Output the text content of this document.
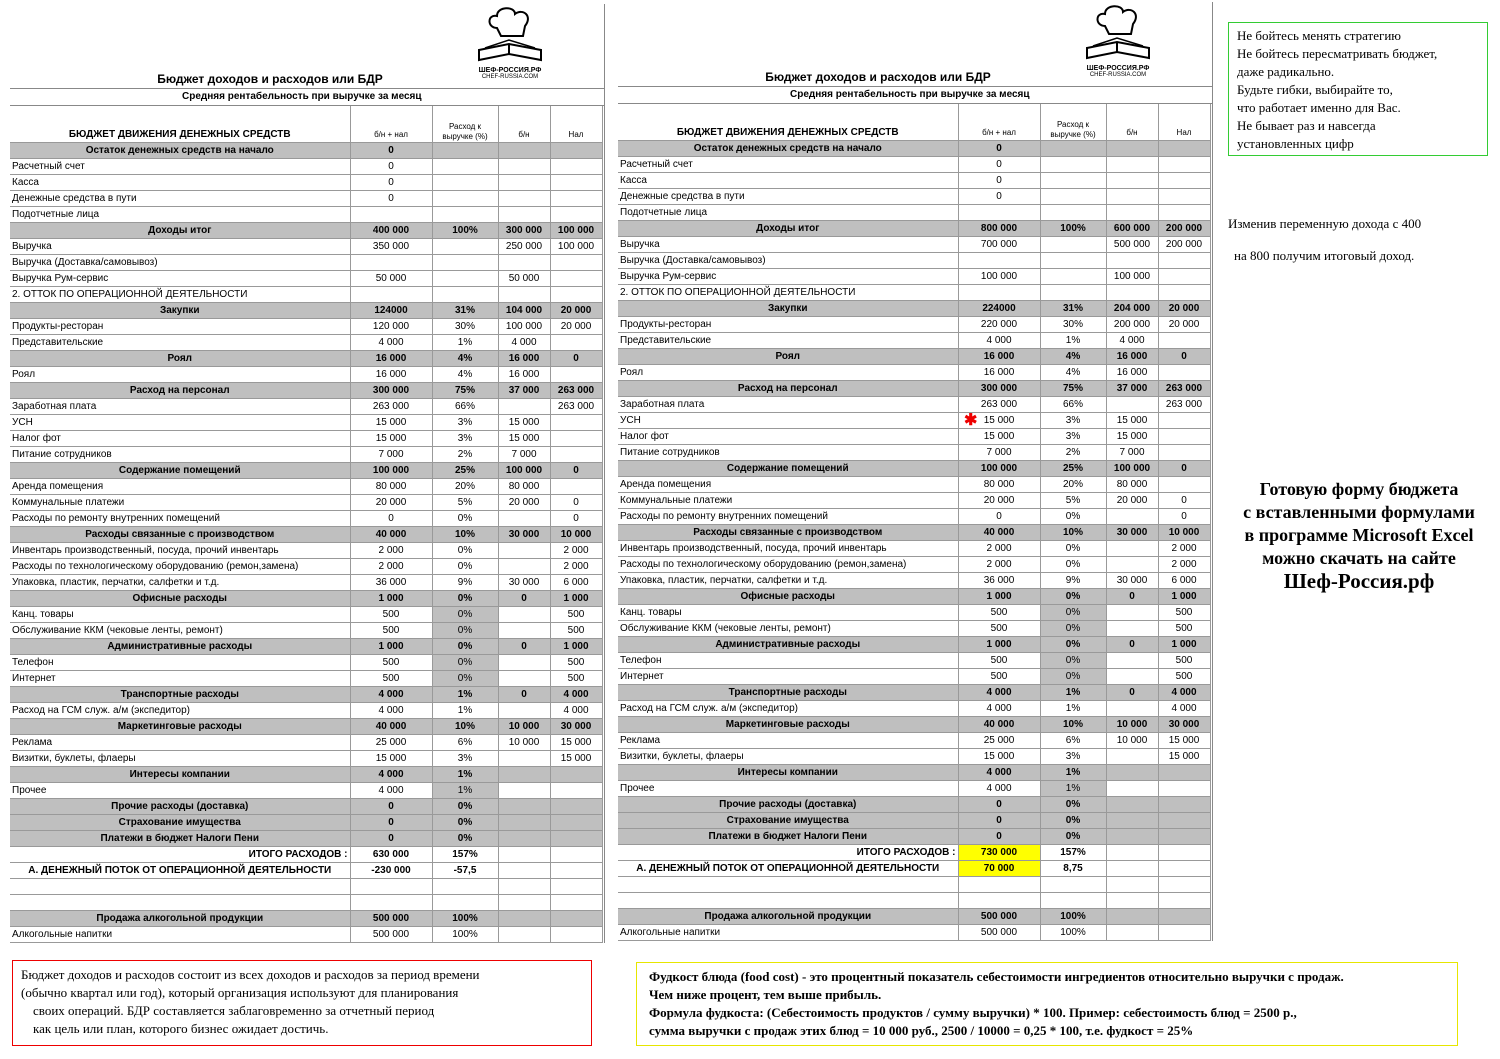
ШЕФ-РОССИЯ.РФ
CHEF-RUSSIA.COM
Бюджет доходов и расходов или БДР
Средняя рентабельность при выручке за месяц
БЮДЖЕТ ДВИЖЕНИЯ ДЕНЕЖНЫХ СРЕДСТВ	б/н + нал	Расход к выручке (%)	б/н	Нал
Остаток денежных средств на начало	0			
Расчетный счет	0			
Касса	0			
Денежные средства в пути	0			
Подотчетные лица				
Доходы итог	400 000	100%	300 000	100 000
Выручка	350 000		250 000	100 000
Выручка (Доставка/самовывоз)				
Выручка Рум-сервис	50 000		50 000	
2. ОТТОК ПО ОПЕРАЦИОННОЙ ДЕЯТЕЛЬНОСТИ				
Закупки	124000	31%	104 000	20 000
Продукты-ресторан	120 000	30%	100 000	20 000
Представительские	4 000	1%	4 000	
Роял	16 000	4%	16 000	0
Роял	16 000	4%	16 000	
Расход на персонал	300 000	75%	37 000	263 000
Заработная плата	263 000	66%		263 000
УСН	15 000	3%	15 000	
Налог фот	15 000	3%	15 000	
Питание сотрудников	7 000	2%	7 000	
Содержание помещений	100 000	25%	100 000	0
Аренда помещения	80 000	20%	80 000	
Коммунальные платежи	20 000	5%	20 000	0
Расходы по ремонту внутренних помещений	0	0%		0
Расходы связанные с производством	40 000	10%	30 000	10 000
Инвентарь производственный, посуда, прочий инвентарь	2 000	0%		2 000
Расходы по технологическому оборудованию (ремон,замена)	2 000	0%		2 000
Упаковка, пластик, перчатки, салфетки и т.д.	36 000	9%	30 000	6 000
Офисные расходы	1 000	0%	0	1 000
Канц. товары	500	0%		500
Обслуживание ККМ (чековые ленты, ремонт)	500	0%		500
Административные расходы	1 000	0%	0	1 000
Телефон	500	0%		500
Интернет	500	0%		500
Транспортные расходы	4 000	1%	0	4 000
Расход на ГСМ служ. а/м (экспедитор)	4 000	1%		4 000
Маркетинговые расходы	40 000	10%	10 000	30 000
Реклама	25 000	6%	10 000	15 000
Визитки, буклеты, флаеры	15 000	3%		15 000
Интересы компании	4 000	1%		
Прочее	4 000	1%		
Прочие расходы (доставка)	0	0%		
Страхование имущества	0	0%		
Платежи в бюджет Налоги Пени	0	0%		
ИТОГО РАСХОДОВ :	630 000	157%		
А. ДЕНЕЖНЫЙ ПОТОК ОТ ОПЕРАЦИОННОЙ ДЕЯТЕЛЬНОСТИ	-230 000	-57,5		

Продажа алкогольной продукции	500 000	100%		
Алкогольные напитки	500 000	100%		
ШЕФ-РОССИЯ.РФ
CHEF-RUSSIA.COM
Бюджет доходов и расходов или БДР
Средняя рентабельность при выручке за месяц
БЮДЖЕТ ДВИЖЕНИЯ ДЕНЕЖНЫХ СРЕДСТВ	б/н + нал	Расход к выручке (%)	б/н	Нал
Остаток денежных средств на начало	0			
Расчетный счет	0			
Касса	0			
Денежные средства в пути	0			
Подотчетные лица				
Доходы итог	800 000	100%	600 000	200 000
Выручка	700 000		500 000	200 000
Выручка (Доставка/самовывоз)				
Выручка Рум-сервис	100 000		100 000	
2. ОТТОК ПО ОПЕРАЦИОННОЙ ДЕЯТЕЛЬНОСТИ				
Закупки	224000	31%	204 000	20 000
Продукты-ресторан	220 000	30%	200 000	20 000
Представительские	4 000	1%	4 000	
Роял	16 000	4%	16 000	0
Роял	16 000	4%	16 000	
Расход на персонал	300 000	75%	37 000	263 000
Заработная плата	263 000	66%		263 000
УСН	15 000	3%	15 000	
Налог фот	15 000	3%	15 000	
Питание сотрудников	7 000	2%	7 000	
Содержание помещений	100 000	25%	100 000	0
Аренда помещения	80 000	20%	80 000	
Коммунальные платежи	20 000	5%	20 000	0
Расходы по ремонту внутренних помещений	0	0%		0
Расходы связанные с производством	40 000	10%	30 000	10 000
Инвентарь производственный, посуда, прочий инвентарь	2 000	0%		2 000
Расходы по технологическому оборудованию (ремон,замена)	2 000	0%		2 000
Упаковка, пластик, перчатки, салфетки и т.д.	36 000	9%	30 000	6 000
Офисные расходы	1 000	0%	0	1 000
Канц. товары	500	0%		500
Обслуживание ККМ (чековые ленты, ремонт)	500	0%		500
Административные расходы	1 000	0%	0	1 000
Телефон	500	0%		500
Интернет	500	0%		500
Транспортные расходы	4 000	1%	0	4 000
Расход на ГСМ служ. а/м (экспедитор)	4 000	1%		4 000
Маркетинговые расходы	40 000	10%	10 000	30 000
Реклама	25 000	6%	10 000	15 000
Визитки, буклеты, флаеры	15 000	3%		15 000
Интересы компании	4 000	1%		
Прочее	4 000	1%		
Прочие расходы (доставка)	0	0%		
Страхование имущества	0	0%		
Платежи в бюджет Налоги Пени	0	0%		
ИТОГО РАСХОДОВ :	730 000	157%		
А. ДЕНЕЖНЫЙ ПОТОК ОТ ОПЕРАЦИОННОЙ ДЕЯТЕЛЬНОСТИ	70 000	8,75		

Продажа алкогольной продукции	500 000	100%		
Алкогольные напитки	500 000	100%		
✱
Не бойтесь менять стратегию
Не бойтесь пересматривать бюджет,
даже радикально.
Будьте гибки, выбирайте то,
что работает именно для Вас.
Не бывает раз и навсегда
установленных цифр
Изменив переменную дохода с 400
на 800 получим итоговый доход.
Готовую форму бюджета
с вставленными формулами
в программе Microsoft Excel
можно скачать на сайте
Шеф-Россия.рф
Бюджет доходов и расходов состоит из всех доходов и расходов за период времени
(обычно квартал или год), который организация используют для планирования
своих операций. БДР составляется заблаговременно за отчетный период
как цель или план, которого бизнес ожидает достичь.
Фудкост блюда (food cost) - это процентный показатель себестоимости ингредиентов относительно выручки с продаж.
Чем ниже процент, тем выше прибыль.
Формула фудкоста: (Себестоимость продуктов / сумму выручки) * 100. Пример: себестоимость блюд = 2500 р.,
сумма выручки с продаж этих блюд = 10 000 руб., 2500 / 10000 = 0,25 * 100, т.е. фудкост = 25%
